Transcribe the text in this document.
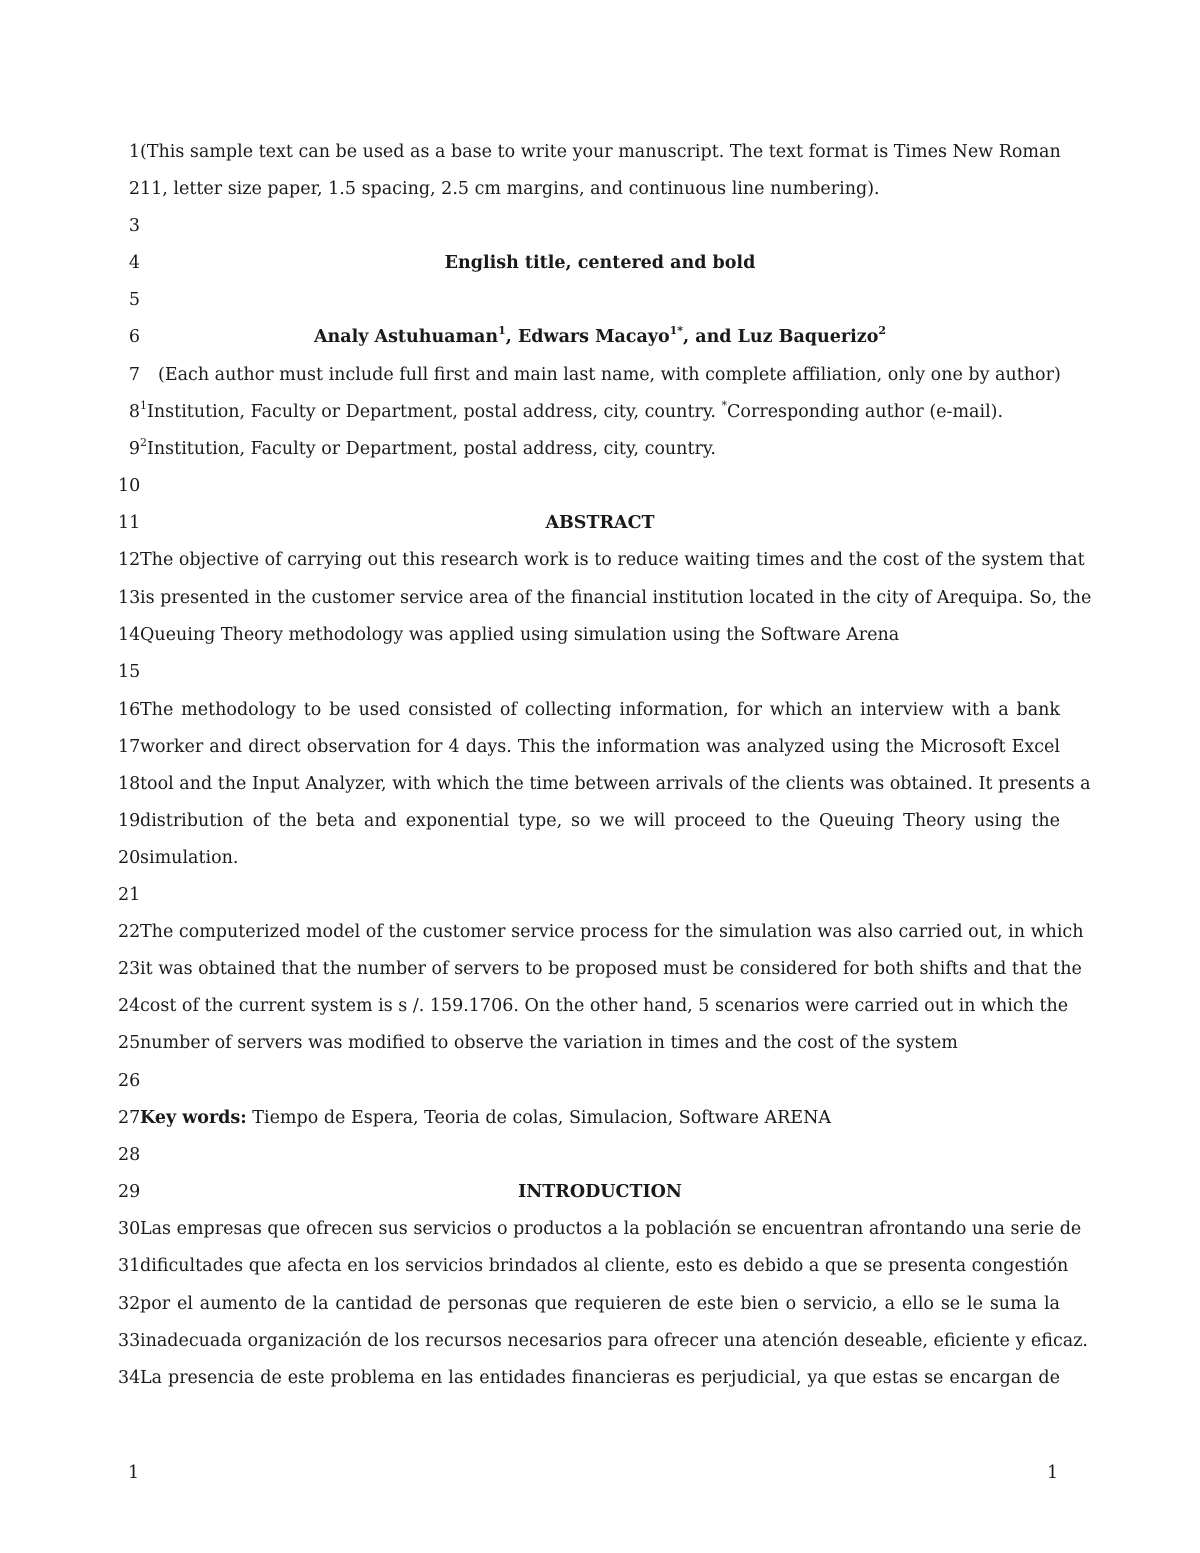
1 (This sample text can be used as a base to write your manuscript. The text format is Times New Roman
2 11, letter size paper, 1.5 spacing, 2.5 cm margins, and continuous line numbering).
3
4	English title, centered and bold
5
6	Analy Astuhuaman$^1$, Edwars Macayo$^{1*}$, and Luz Baquerizo$^2$
7 (Each author must include full first and main last name, with complete affiliation, only one by author)
8 $^1$Institution, Faculty or Department, postal address, city, country. *Corresponding author (e-mail).
9 $^2$Institution, Faculty or Department, postal address, city, country.
10
11	ABSTRACT
12 The objective of carrying out this research work is to reduce waiting times and the cost of the system that
13 is presented in the customer service area of the financial institution located in the city of Arequipa. So, the
14 Queuing Theory methodology was applied using simulation using the Software Arena
15
16 The methodology to be used consisted of collecting information, for which an interview with a bank
17 worker and direct observation for 4 days. This the information was analyzed using the Microsoft Excel
18 tool and the Input Analyzer, with which the time between arrivals of the clients was obtained. It presents a
19 distribution of the beta and exponential type, so we will proceed to the Queuing Theory using the
20 simulation.
21
22 The computerized model of the customer service process for the simulation was also carried out, in which
23 it was obtained that the number of servers to be proposed must be considered for both shifts and that the
24 cost of the current system is s /. 159.1706. On the other hand, 5 scenarios were carried out in which the
25 number of servers was modified to observe the variation in times and the cost of the system
26
27 Key words: Tiempo de Espera, Teoria de colas, Simulacion, Software ARENA
28
29	INTRODUCTION
30 Las empresas que ofrecen sus servicios o productos a la población se encuentran afrontando una serie de
31 dificultades que afecta en los servicios brindados al cliente, esto es debido a que se presenta congestión
32 por el aumento de la cantidad de personas que requieren de este bien o servicio, a ello se le suma la
33 inadecuada organización de los recursos necesarios para ofrecer una atención deseable, eficiente y eficaz.
34 La presencia de este problema en las entidades financieras es perjudicial, ya que estas se encargan de
1	1
